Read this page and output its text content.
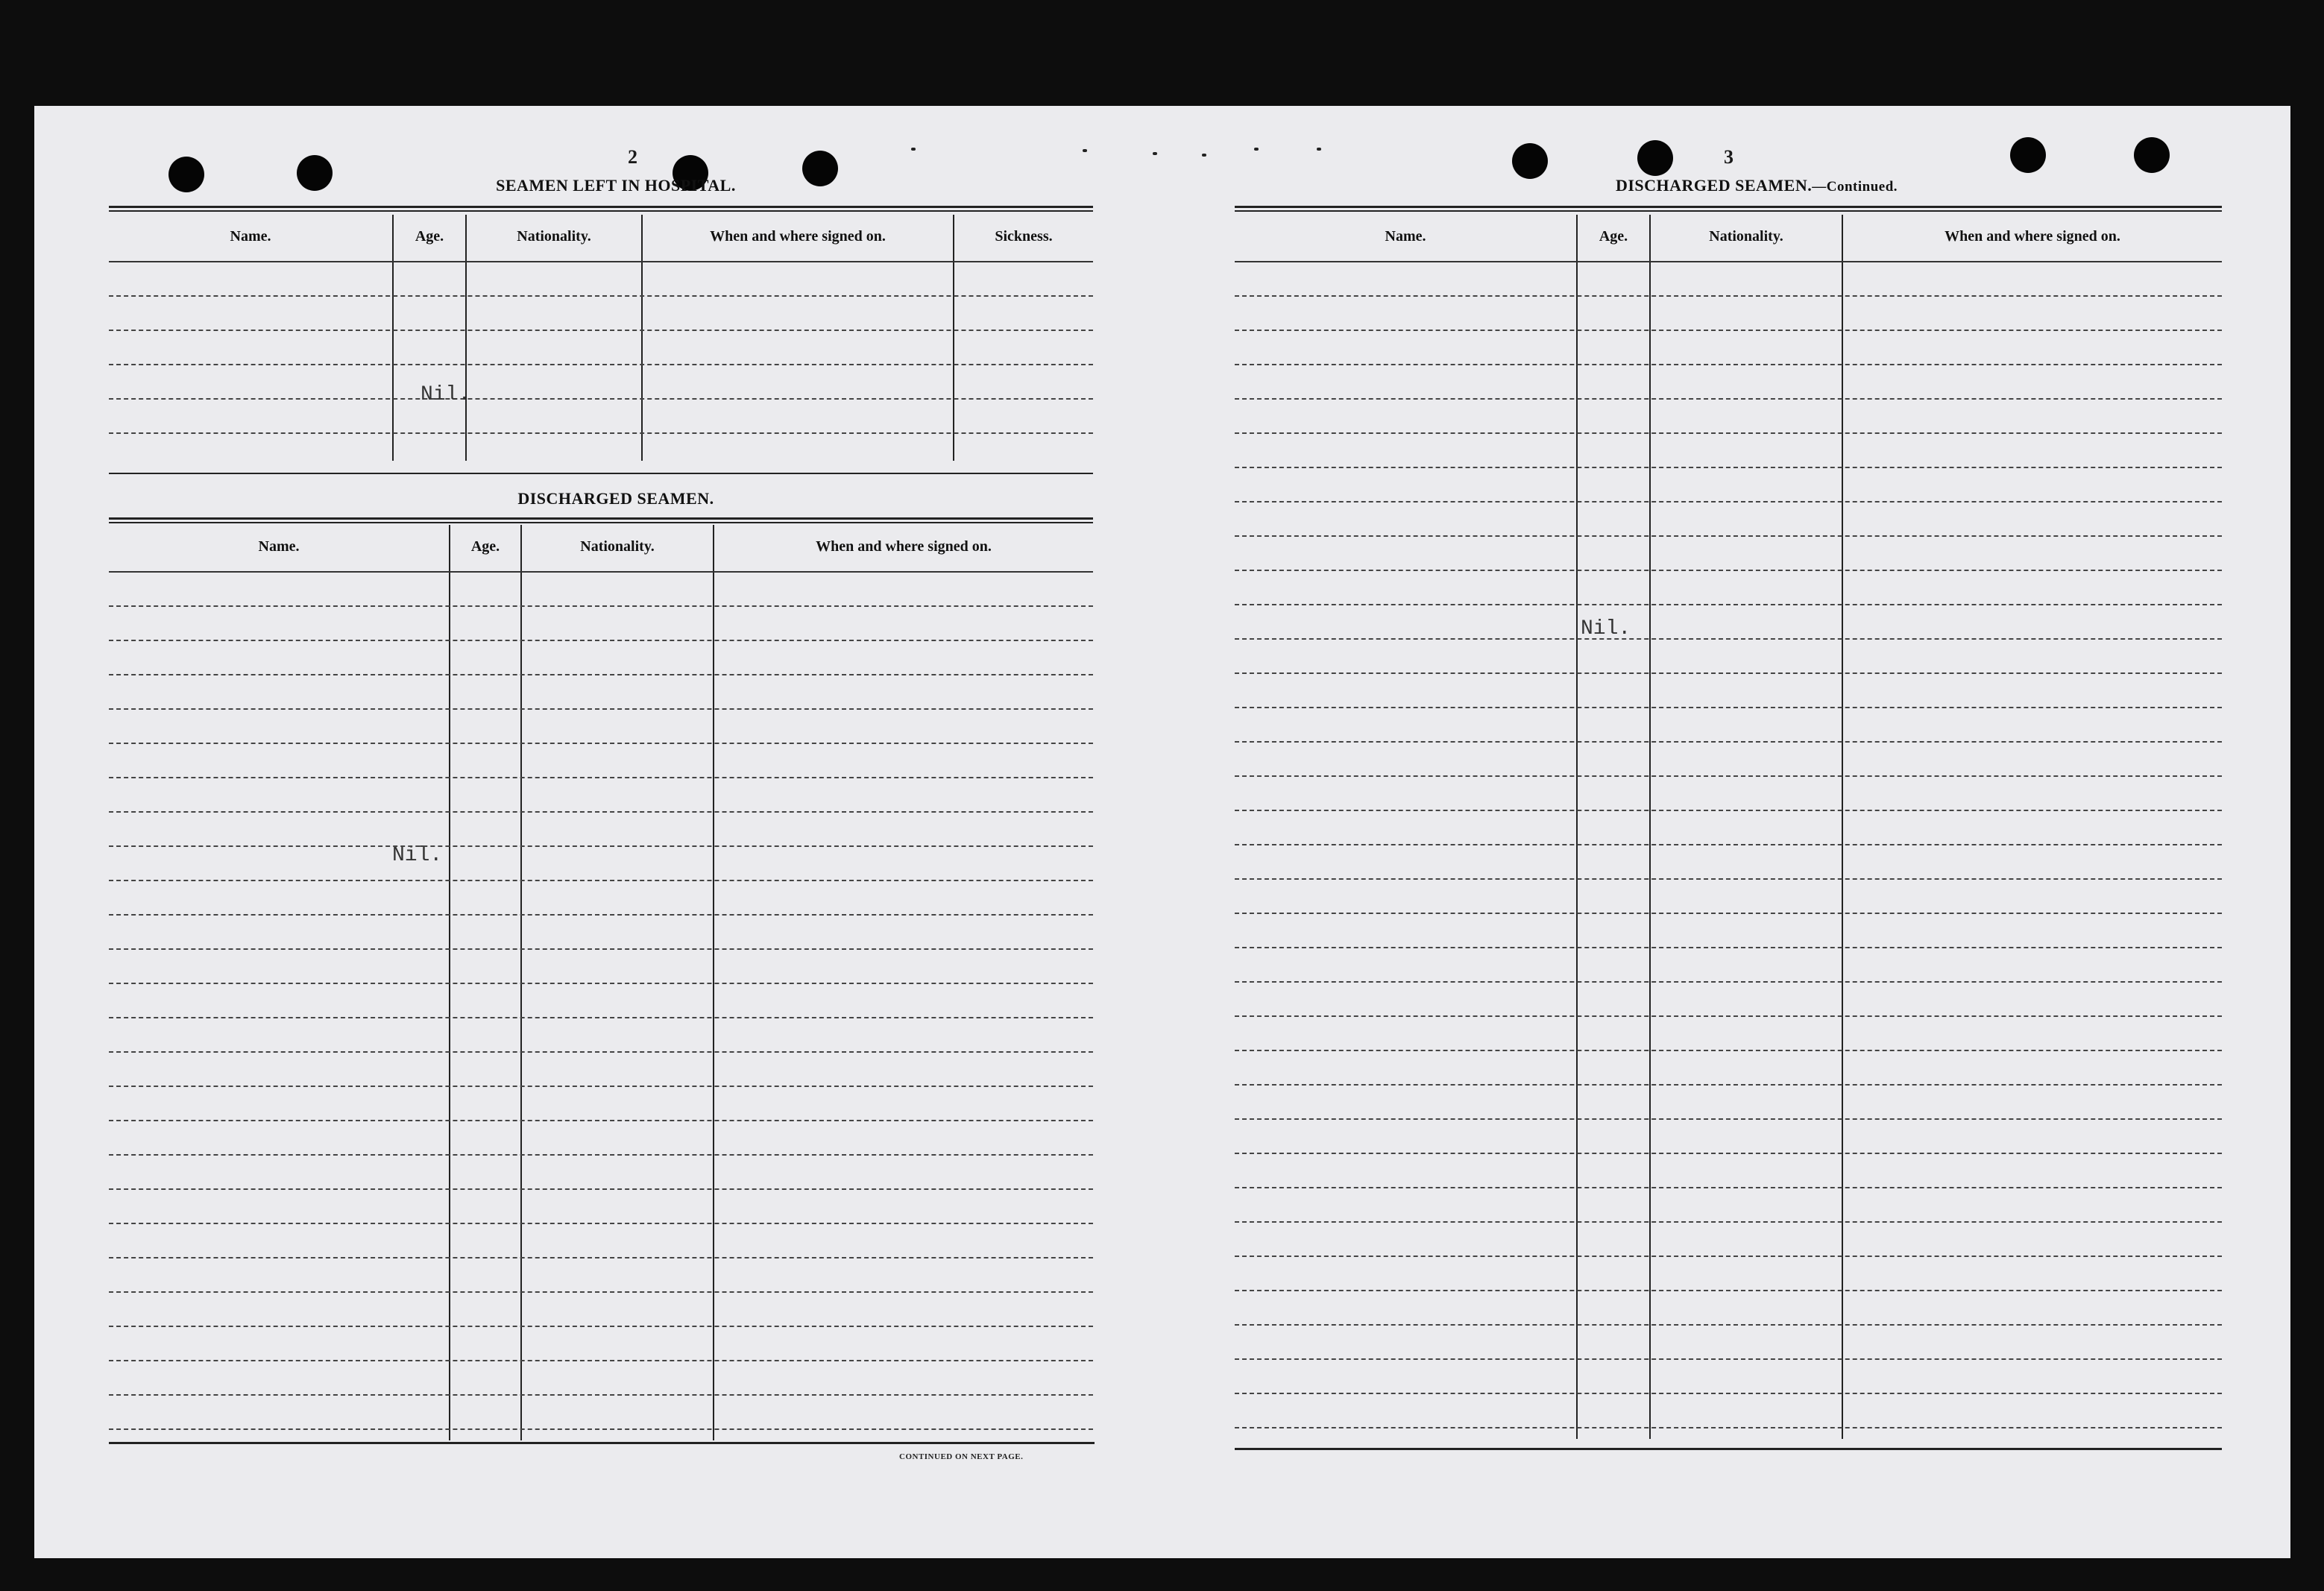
2
SEAMEN LEFT IN HOSPITAL.
Name.	Age.	Nationality.	When and where signed on.	Sickness.
Nil.
DISCHARGED SEAMEN.
Name.	Age.	Nationality.	When and where signed on.
Nil.
CONTINUED ON NEXT PAGE.
3
DISCHARGED SEAMEN.—Continued.
Name.	Age.	Nationality.	When and where signed on.
Nil.
